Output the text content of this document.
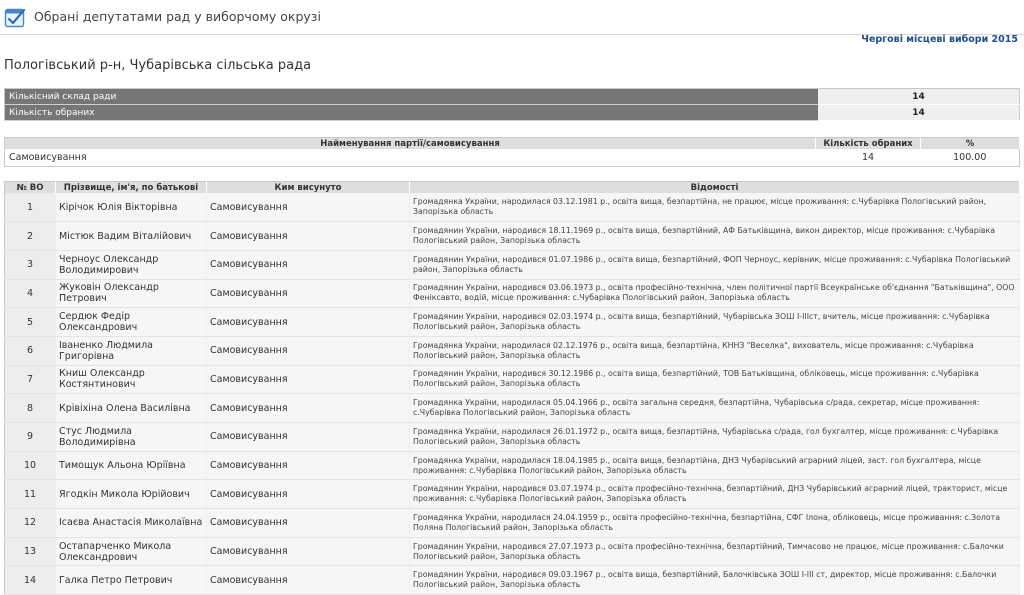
Обрані депутатами рад у виборчому окрузі
Чергові місцеві вибори 2015
Пологівський р-н, Чубарівська сільська рада
Кількісний склад ради	14
Кількість обраних	14
Найменування партії/самовисування	Кількість обраних	%
Самовисування	14	100.00
№ ВО	Прізвище, ім'я, по батькові	Ким висунуто	Відомості
1	Кірічок Юлія Вікторівна	Самовисування	Громадянка України, народилася 03.12.1981 р., освіта вища, безпартійна, не працює, місце проживання: с.Чубарівка Пологівський район, Запорізька область
2	Містюк Вадим Віталійович	Самовисування	Громадянин України, народився 18.11.1969 р., освіта вища, безпартійний, АФ Батьківщина, викон директор, місце проживання: с.Чубарівка Пологівський район, Запорізька область
3	Черноус Олександр Володимирович	Самовисування	Громадянин України, народився 01.07.1986 р., освіта вища, безпартійний, ФОП Черноус, керівник, місце проживання: с.Чубарівка Пологівський район, Запорізька область
4	Жуковін Олександр Петрович	Самовисування	Громадянин України, народився 03.06.1973 р., освіта професійно-технічна, член політичної партії Всеукраїнське об'єднання "Батьківщина", ООО Феніксавто, водій, місце проживання: с.Чубарівка Пологівський район, Запорізька область
5	Сердюк Федір Олександрович	Самовисування	Громадянин України, народився 02.03.1974 р., освіта вища, безпартійний, Чубарівська ЗОШ І-ІІІст, вчитель, місце проживання: с.Чубарівка Пологівський район, Запорізька область
6	Іваненко Людмила Григорівна	Самовисування	Громадянка України, народилася 02.12.1976 р., освіта вища, безпартійна, КННЗ "Веселка", вихователь, місце проживання: с.Чубарівка Пологівський район, Запорізька область
7	Книш Олександр Костянтинович	Самовисування	Громадянин України, народився 30.12.1986 р., освіта вища, безпартійний, ТОВ Батьківщина, обліковець, місце проживання: с.Чубарівка Пологівський район, Запорізька область
8	Крівіхіна Олена Василівна	Самовисування	Громадянка України, народилася 05.04.1966 р., освіта загальна середня, безпартійна, Чубарівська с/рада, секретар, місце проживання: с.Чубарівка Пологівський район, Запорізька область
9	Стус Людмила Володимирівна	Самовисування	Громадянка України, народилася 26.01.1972 р., освіта вища, безпартійна, Чубарівська с/рада, гол бухгалтер, місце проживання: с.Чубарівка Пологівський район, Запорізька область
10	Тимощук Альона Юріївна	Самовисування	Громадянка України, народилася 18.04.1985 р., освіта вища, безпартійна, ДНЗ Чубарівський аграрний ліцей, заст. гол бухгалтера, місце проживання: с.Чубарівка Пологівський район, Запорізька область
11	Ягодкін Микола Юрійович	Самовисування	Громадянин України, народився 03.07.1974 р., освіта професійно-технічна, безпартійний, ДНЗ Чубарівський аграрний ліцей, тракторист, місце проживання: с.Чубарівка Пологівський район, Запорізька область
12	Ісаєва Анастасія Миколаївна	Самовисування	Громадянка України, народилася 24.04.1959 р., освіта професійно-технічна, безпартійна, СФГ Ілона, обліковець, місце проживання: с.Золота Поляна Пологівський район, Запорізька область
13	Остапарченко Микола Олександрович	Самовисування	Громадянин України, народився 27.07.1973 р., освіта професійно-технічна, безпартійний, Тимчасово не працює, місце проживання: с.Балочки Пологівський район, Запорізька область
14	Галка Петро Петрович	Самовисування	Громадянин України, народився 09.03.1967 р., освіта вища, безпартійний, Балочківська ЗОШ І-ІІІ ст, директор, місце проживання: с.Балочки Пологівський район, Запорізька область
